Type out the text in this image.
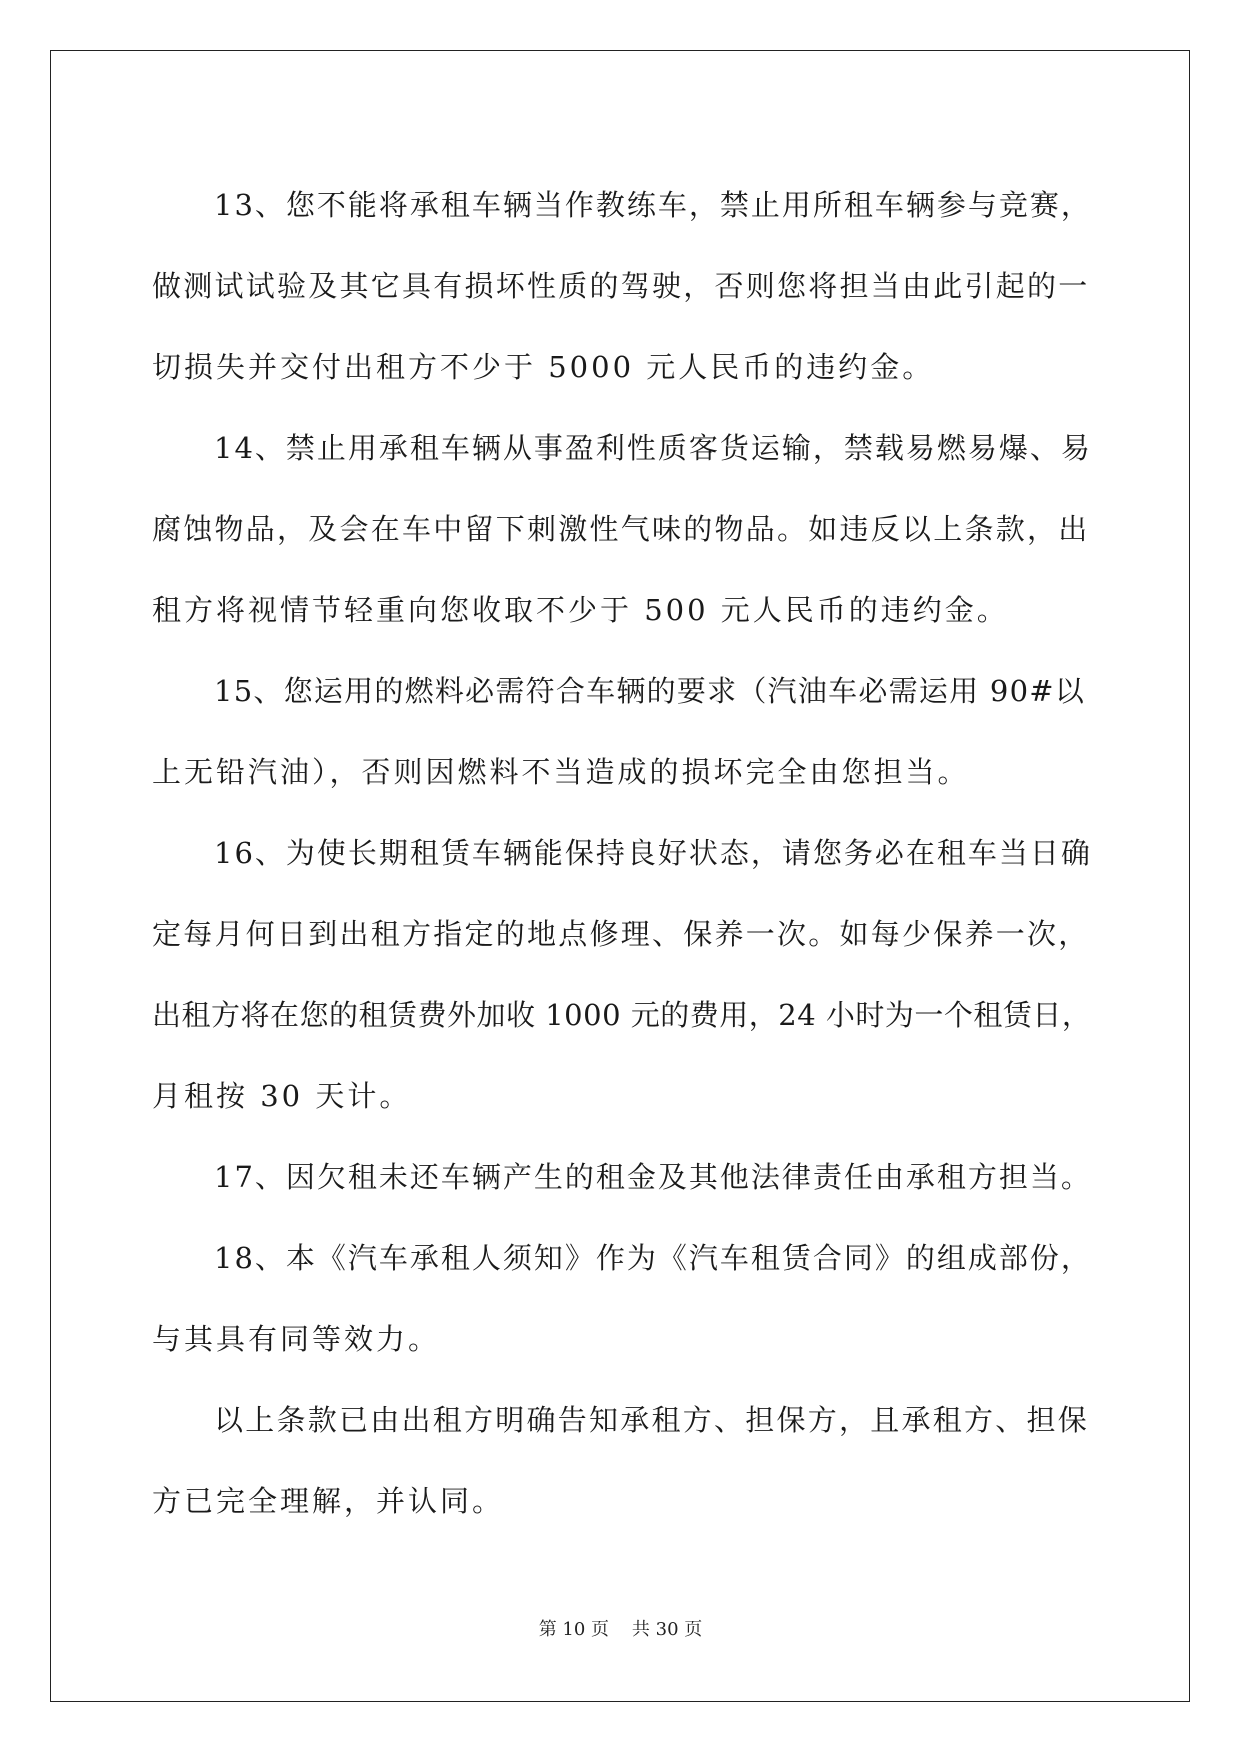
13、您不能将承租车辆当作教练车，禁止用所租车辆参与竞赛，

做测试试验及其它具有损坏性质的驾驶，否则您将担当由此引起的一

切损失并交付出租方不少于 5000 元人民币的违约金。

14、禁止用承租车辆从事盈利性质客货运输，禁载易燃易爆、易

腐蚀物品，及会在车中留下刺激性气味的物品。如违反以上条款，出

租方将视情节轻重向您收取不少于 500 元人民币的违约金。

15、您运用的燃料必需符合车辆的要求（汽油车必需运用 90#以

上无铅汽油），否则因燃料不当造成的损坏完全由您担当。

16、为使长期租赁车辆能保持良好状态，请您务必在租车当日确

定每月何日到出租方指定的地点修理、保养一次。如每少保养一次，

出租方将在您的租赁费外加收 1000 元的费用，24 小时为一个租赁日，

月租按 30 天计。

17、因欠租未还车辆产生的租金及其他法律责任由承租方担当。

18、本《汽车承租人须知》作为《汽车租赁合同》的组成部份，

与其具有同等效力。

以上条款已由出租方明确告知承租方、担保方，且承租方、担保

方已完全理解，并认同。

第 10 页    共 30 页
